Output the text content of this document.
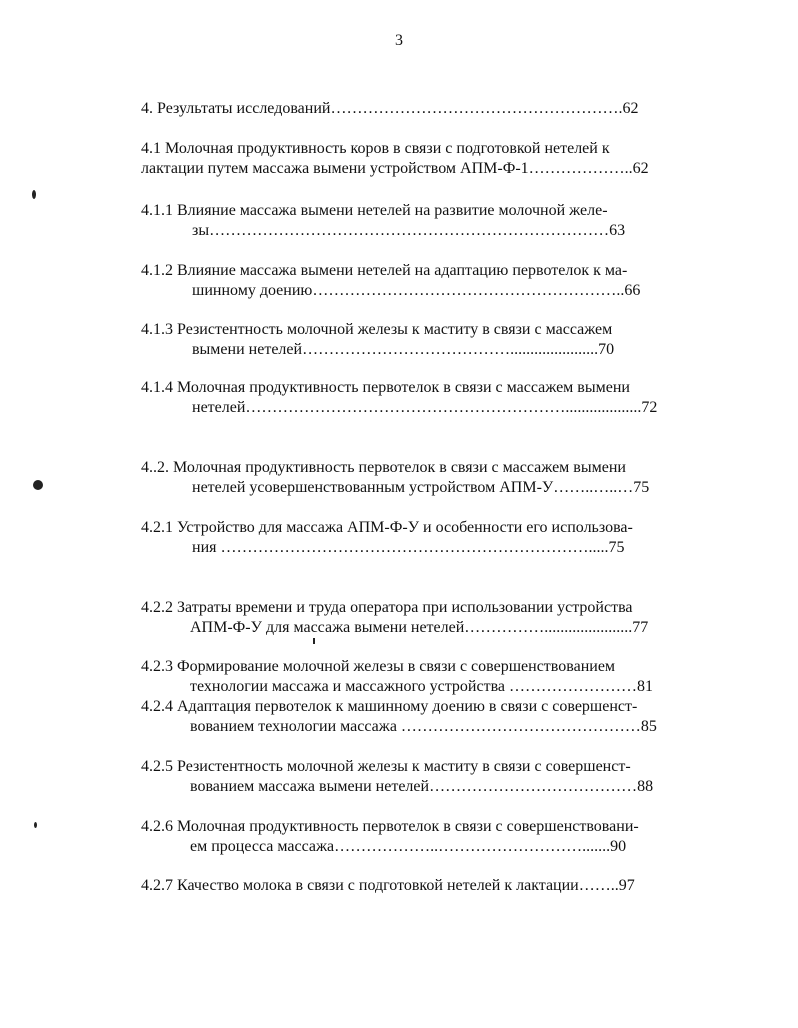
3
4. Результаты исследований……………………………………………….62
4.1 Молочная продуктивность коров в связи с подготовкой нетелей к
лактации путем массажа вымени устройством АПМ-Ф-1………………..62
4.1.1 Влияние массажа вымени нетелей на развитие молочной желе-
зы…………………………………………………………………63
4.1.2 Влияние массажа вымени нетелей на адаптацию первотелок к ма-
шинному доению…………………………………………………..66
4.1.3 Резистентность молочной железы к маститу в связи с массажем
вымени нетелей…………………………………......................70
4.1.4 Молочная продуктивность первотелок в связи с массажем вымени
нетелей……………………………………………………...................72
4..2. Молочная продуктивность первотелок в связи с массажем вымени
нетелей усовершенствованным устройством АПМ-У……..…..…75
4.2.1 Устройство для массажа АПМ-Ф-У и особенности его использова-
ния …………………………………………………………….....75
4.2.2 Затраты времени и труда оператора при использовании устройства
АПМ-Ф-У для массажа вымени нетелей……………......................77
4.2.3 Формирование молочной железы в связи с совершенствованием
технологии массажа и массажного устройства ……………………81
4.2.4 Адаптация первотелок к машинному доению в связи с совершенст-
вованием технологии массажа ………………………………………85
4.2.5 Резистентность молочной железы к маститу в связи с совершенст-
вованием массажа вымени нетелей…………………………………88
4.2.6 Молочная продуктивность первотелок в связи с совершенствовани-
ем процесса массажа………………..……………………….......90
4.2.7 Качество молока в связи с подготовкой нетелей к лактации……..97
